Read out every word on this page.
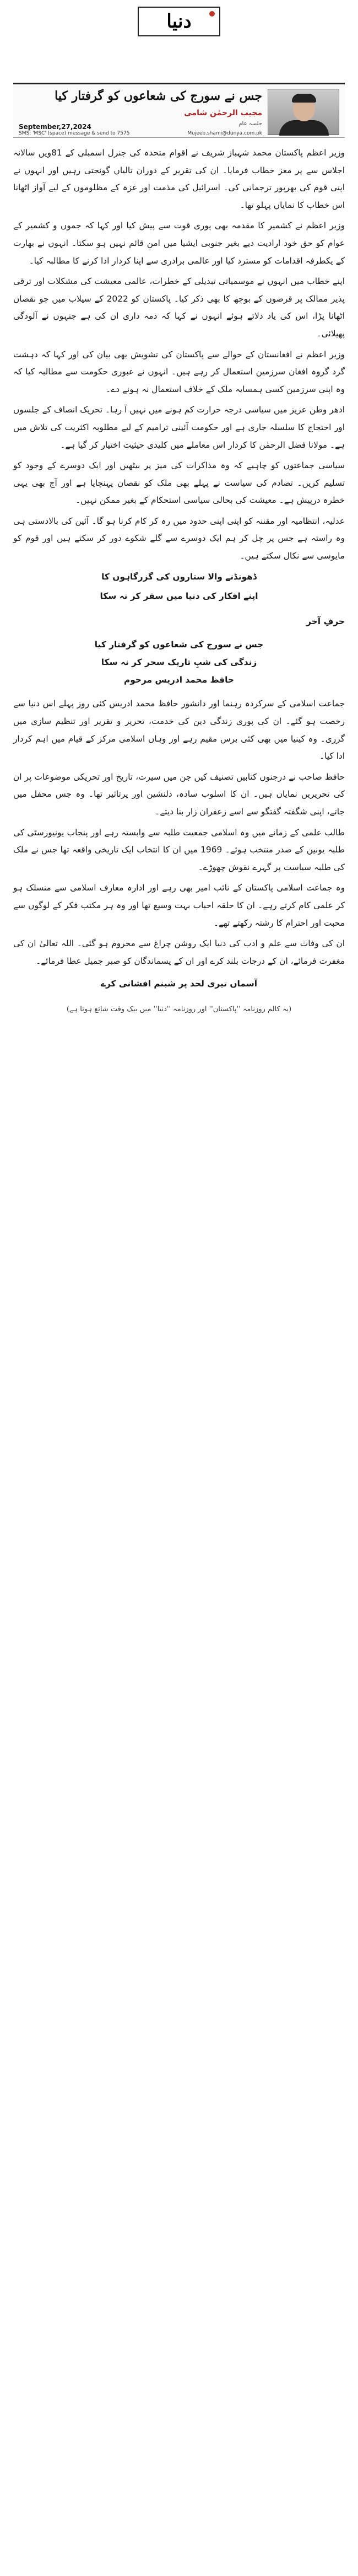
دنیا
جس نے سورج کی شعاعوں کو گرفتار کیا
مجیب الرحمٰن شامی
جلسہ عام
September,27,2024
SMS: 'MSC' (space) message & send to 7575	Mujeeb.shami@dunya.com.pk

وزیر اعظم پاکستان محمد شہباز شریف نے اقوام متحدہ کی جنرل اسمبلی کے 81ویں سالانہ اجلاس سے پر مغز خطاب فرمایا۔ ان کی تقریر کے دوران تالیاں گونجتی رہیں اور انہوں نے اپنی قوم کی بھرپور ترجمانی کی۔ اسرائیل کی مذمت اور غزہ کے مظلوموں کے لیے آواز اٹھانا اس خطاب کا نمایاں پہلو تھا۔

وزیر اعظم نے کشمیر کا مقدمہ بھی پوری قوت سے پیش کیا اور کہا کہ جموں و کشمیر کے عوام کو حق خود ارادیت دیے بغیر جنوبی ایشیا میں امن قائم نہیں ہو سکتا۔ انہوں نے بھارت کے یکطرفہ اقدامات کو مسترد کیا اور عالمی برادری سے اپنا کردار ادا کرنے کا مطالبہ کیا۔

اپنے خطاب میں انہوں نے موسمیاتی تبدیلی کے خطرات، عالمی معیشت کی مشکلات اور ترقی پذیر ممالک پر قرضوں کے بوجھ کا بھی ذکر کیا۔ پاکستان کو 2022 کے سیلاب میں جو نقصان اٹھانا پڑا، اس کی یاد دلاتے ہوئے انہوں نے کہا کہ ذمہ داری ان کی ہے جنہوں نے آلودگی پھیلائی۔

وزیر اعظم نے افغانستان کے حوالے سے پاکستان کی تشویش بھی بیان کی اور کہا کہ دہشت گرد گروہ افغان سرزمین استعمال کر رہے ہیں۔ انہوں نے عبوری حکومت سے مطالبہ کیا کہ وہ اپنی سرزمین کسی ہمسایہ ملک کے خلاف استعمال نہ ہونے دے۔

ادھر وطن عزیز میں سیاسی درجہ حرارت کم ہونے میں نہیں آ رہا۔ تحریک انصاف کے جلسوں اور احتجاج کا سلسلہ جاری ہے اور حکومت آئینی ترامیم کے لیے مطلوبہ اکثریت کی تلاش میں ہے۔ مولانا فضل الرحمٰن کا کردار اس معاملے میں کلیدی حیثیت اختیار کر گیا ہے۔

سیاسی جماعتوں کو چاہیے کہ وہ مذاکرات کی میز پر بیٹھیں اور ایک دوسرے کے وجود کو تسلیم کریں۔ تصادم کی سیاست نے پہلے بھی ملک کو نقصان پہنچایا ہے اور آج بھی یہی خطرہ درپیش ہے۔ معیشت کی بحالی سیاسی استحکام کے بغیر ممکن نہیں۔

عدلیہ، انتظامیہ اور مقننہ کو اپنی اپنی حدود میں رہ کر کام کرنا ہو گا۔ آئین کی بالادستی ہی وہ راستہ ہے جس پر چل کر ہم ایک دوسرے سے گلے شکوے دور کر سکتے ہیں اور قوم کو مایوسی سے نکال سکتے ہیں۔

ڈھونڈنے والا ستاروں کی گزرگاہوں کا

اپنے افکار کی دنیا میں سفر کر نہ سکا

حرفِ آخر

جس نے سورج کی شعاعوں کو گرفتار کیا

زندگی کی شبِ تاریک سحر کر نہ سکا

حافظ محمد ادریس مرحوم

جماعت اسلامی کے سرکردہ رہنما اور دانشور حافظ محمد ادریس کئی روز پہلے اس دنیا سے رخصت ہو گئے۔ ان کی پوری زندگی دین کی خدمت، تحریر و تقریر اور تنظیم سازی میں گزری۔ وہ کینیا میں بھی کئی برس مقیم رہے اور وہاں اسلامی مرکز کے قیام میں اہم کردار ادا کیا۔

حافظ صاحب نے درجنوں کتابیں تصنیف کیں جن میں سیرت، تاریخ اور تحریکی موضوعات پر ان کی تحریریں نمایاں ہیں۔ ان کا اسلوب سادہ، دلنشین اور پرتاثیر تھا۔ وہ جس محفل میں جاتے، اپنی شگفتہ گفتگو سے اسے زعفران زار بنا دیتے۔

طالب علمی کے زمانے میں وہ اسلامی جمعیت طلبہ سے وابستہ رہے اور پنجاب یونیورسٹی کی طلبہ یونین کے صدر منتخب ہوئے۔ 1969 میں ان کا انتخاب ایک تاریخی واقعہ تھا جس نے ملک کی طلبہ سیاست پر گہرے نقوش چھوڑے۔

وہ جماعت اسلامی پاکستان کے نائب امیر بھی رہے اور ادارہ معارف اسلامی سے منسلک ہو کر علمی کام کرتے رہے۔ ان کا حلقہ احباب بہت وسیع تھا اور وہ ہر مکتب فکر کے لوگوں سے محبت اور احترام کا رشتہ رکھتے تھے۔

ان کی وفات سے علم و ادب کی دنیا ایک روشن چراغ سے محروم ہو گئی۔ اللہ تعالیٰ ان کی مغفرت فرمائے، ان کے درجات بلند کرے اور ان کے پسماندگان کو صبر جمیل عطا فرمائے۔

آسماں تیری لحد پر شبنم افشانی کرے

(یہ کالم روزنامہ ''پاکستان'' اور روزنامہ ''دنیا'' میں بیک وقت شائع ہوتا ہے)
